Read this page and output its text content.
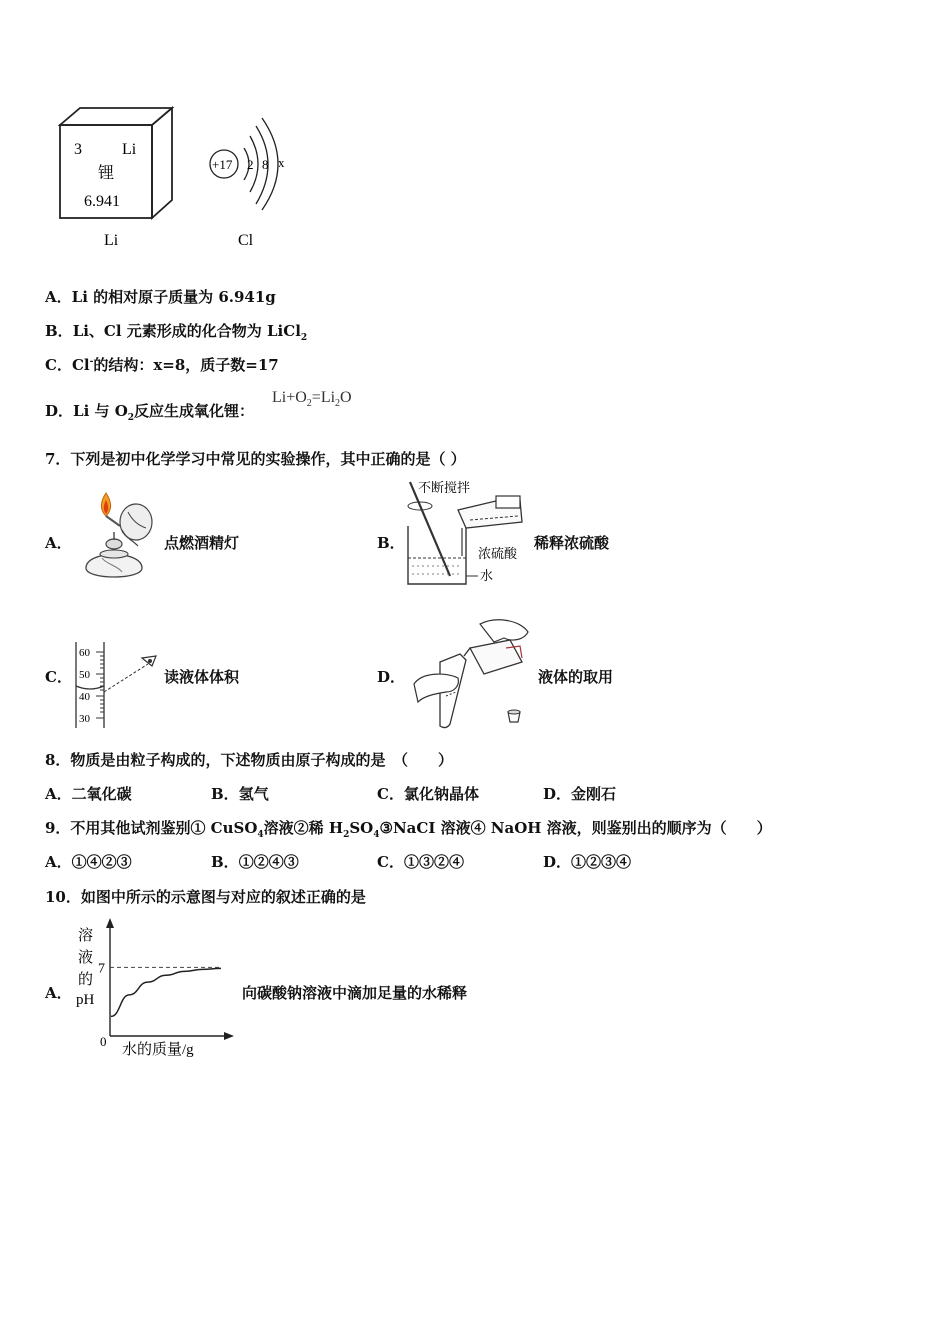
3	Li
锂
6.941
Li
+17 2 8 x
Cl
A．Li 的相对原子质量为 6.941g
B．Li、Cl 元素形成的化合物为 LiCl$_2$
C．Cl-的结构：x=8，质子数=17
D．Li 与 $O_2$反应生成氧化锂：
$Li+O_2=Li_2O$
7．下列是初中化学学习中常见的实验操作，其中正确的是（ ）
A．	点燃酒精灯	B．
不断搅拌
浓硫酸
水
稀释浓硫酸
C．
60
50
40
30
读液体体积	D．	液体的取用
8．物质是由粒子构成的，下述物质由原子构成的是　（　　）
A．二氧化碳	B．氢气	C．氯化钠晶体	D．金刚石
9．不用其他试剂鉴别① CuSO$_4$溶液②稀 $H_2SO_4③NaCI$ 溶液④ NaOH 溶液，则鉴别出的顺序为（　　）
A．①④②③	B．①②④③	C．①③②④	D．①②③④
10．如图中所示的示意图与对应的叙述正确的是
A．
溶
液
的
pH
0
水的质量/g
7
向碳酸钠溶液中滴加足量的水稀释
